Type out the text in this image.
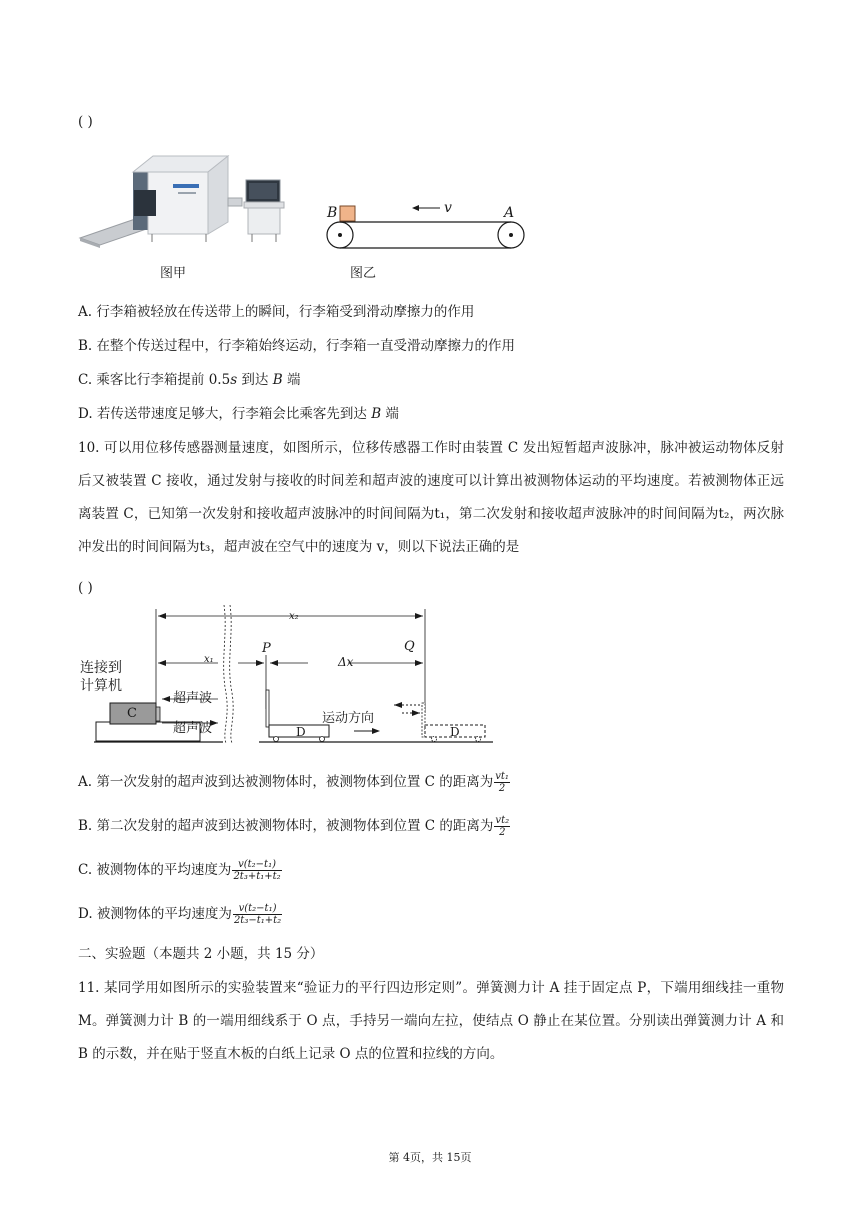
( )
图甲
B	A
v
图乙
A. 行李箱被轻放在传送带上的瞬间，行李箱受到滑动摩擦力的作用
B. 在整个传送过程中，行李箱始终运动，行李箱一直受滑动摩擦力的作用
C. 乘客比行李箱提前 0.5s 到达 B 端
D. 若传送带速度足够大，行李箱会比乘客先到达 B 端
10. 可以用位移传感器测量速度，如图所示，位移传感器工作时由装置 C 发出短暂超声波脉冲，脉冲被运动物体反射后又被装置 C 接收，通过发射与接收的时间差和超声波的速度可以计算出被测物体运动的平均速度。若被测物体正远离装置 C，已知第一次发射和接收超声波脉冲的时间间隔为t₁，第二次发射和接收超声波脉冲的时间间隔为t₂，两次脉冲发出的时间间隔为t₃，超声波在空气中的速度为 v，则以下说法正确的是
( )
x₂
x₁
P
Δx
Q
连接到
计算机
超声波
超声波
运动方向
C
D	D
A. 第一次发射的超声波到达被测物体时，被测物体到位置 C 的距离为 $\frac{\text{vt₁}}{2}$
B. 第二次发射的超声波到达被测物体时，被测物体到位置 C 的距离为 $\frac{\text{vt₂}}{2}$
C. 被测物体的平均速度为 $\frac{\text{v(t₂−t₁)}}{\text{2t₃+t₁+t₂}}$
D. 被测物体的平均速度为 $\frac{\text{v(t₂−t₁)}}{\text{2t₃−t₁+t₂}}$
二、实验题（本题共 2 小题，共 15 分）
11. 某同学用如图所示的实验装置来“验证力的平行四边形定则”。弹簧测力计 A 挂于固定点 P，下端用细线挂一重物 M。弹簧测力计 B 的一端用细线系于 O 点，手持另一端向左拉，使结点 O 静止在某位置。分别读出弹簧测力计 A 和 B 的示数，并在贴于竖直木板的白纸上记录 O 点的位置和拉线的方向。
第 4页，共 15页
